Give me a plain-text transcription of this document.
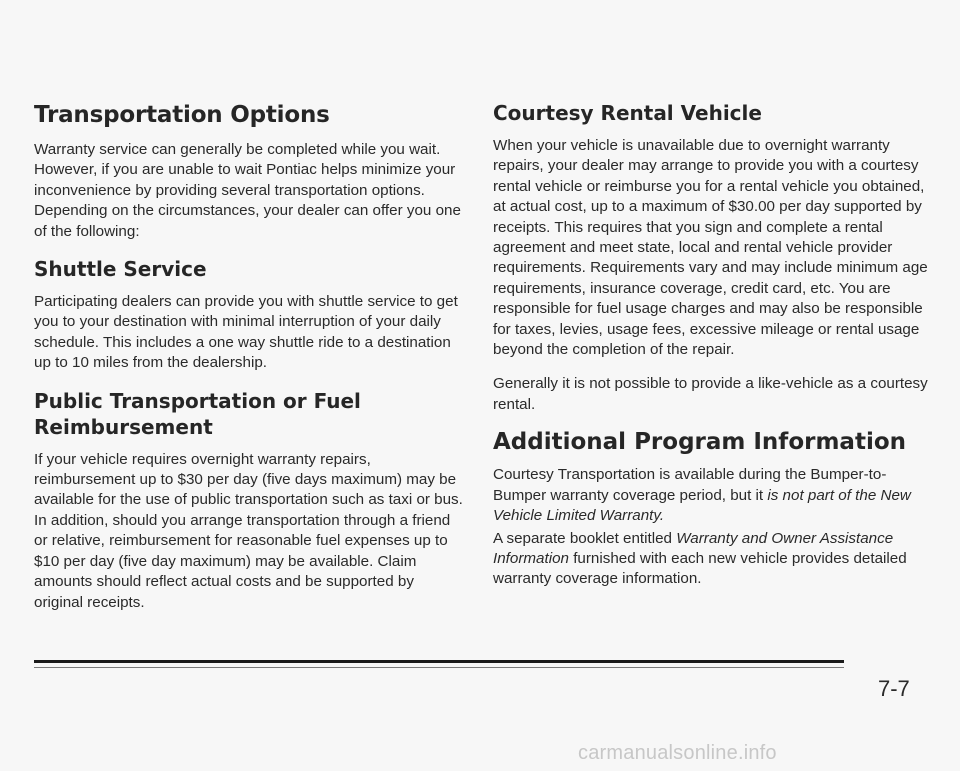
Transportation Options

Warranty service can generally be completed while you wait. However, if you are unable to wait Pontiac helps minimize your inconvenience by providing several transportation options. Depending on the circumstances, your dealer can offer you one of the following:

Shuttle Service

Participating dealers can provide you with shuttle service to get you to your destination with minimal interruption of your daily schedule. This includes a one way shuttle ride to a destination up to 10 miles from the dealership.

Public Transportation or Fuel Reimbursement

If your vehicle requires overnight warranty repairs, reimbursement up to $30 per day (five days maximum) may be available for the use of public transportation such as taxi or bus. In addition, should you arrange transportation through a friend or relative, reimbursement for reasonable fuel expenses up to $10 per day (five day maximum) may be available. Claim amounts should reflect actual costs and be supported by original receipts.

Courtesy Rental Vehicle

When your vehicle is unavailable due to overnight warranty repairs, your dealer may arrange to provide you with a courtesy rental vehicle or reimburse you for a rental vehicle you obtained, at actual cost, up to a maximum of $30.00 per day supported by receipts. This requires that you sign and complete a rental agreement and meet state, local and rental vehicle provider requirements. Requirements vary and may include minimum age requirements, insurance coverage, credit card, etc. You are responsible for fuel usage charges and may also be responsible for taxes, levies, usage fees, excessive mileage or rental usage beyond the completion of the repair.

Generally it is not possible to provide a like-vehicle as a courtesy rental.

Additional Program Information

Courtesy Transportation is available during the Bumper-to-Bumper warranty coverage period, but it is not part of the New Vehicle Limited Warranty.

A separate booklet entitled Warranty and Owner Assistance Information furnished with each new vehicle provides detailed warranty coverage information.

7-7
carmanualsonline.info
